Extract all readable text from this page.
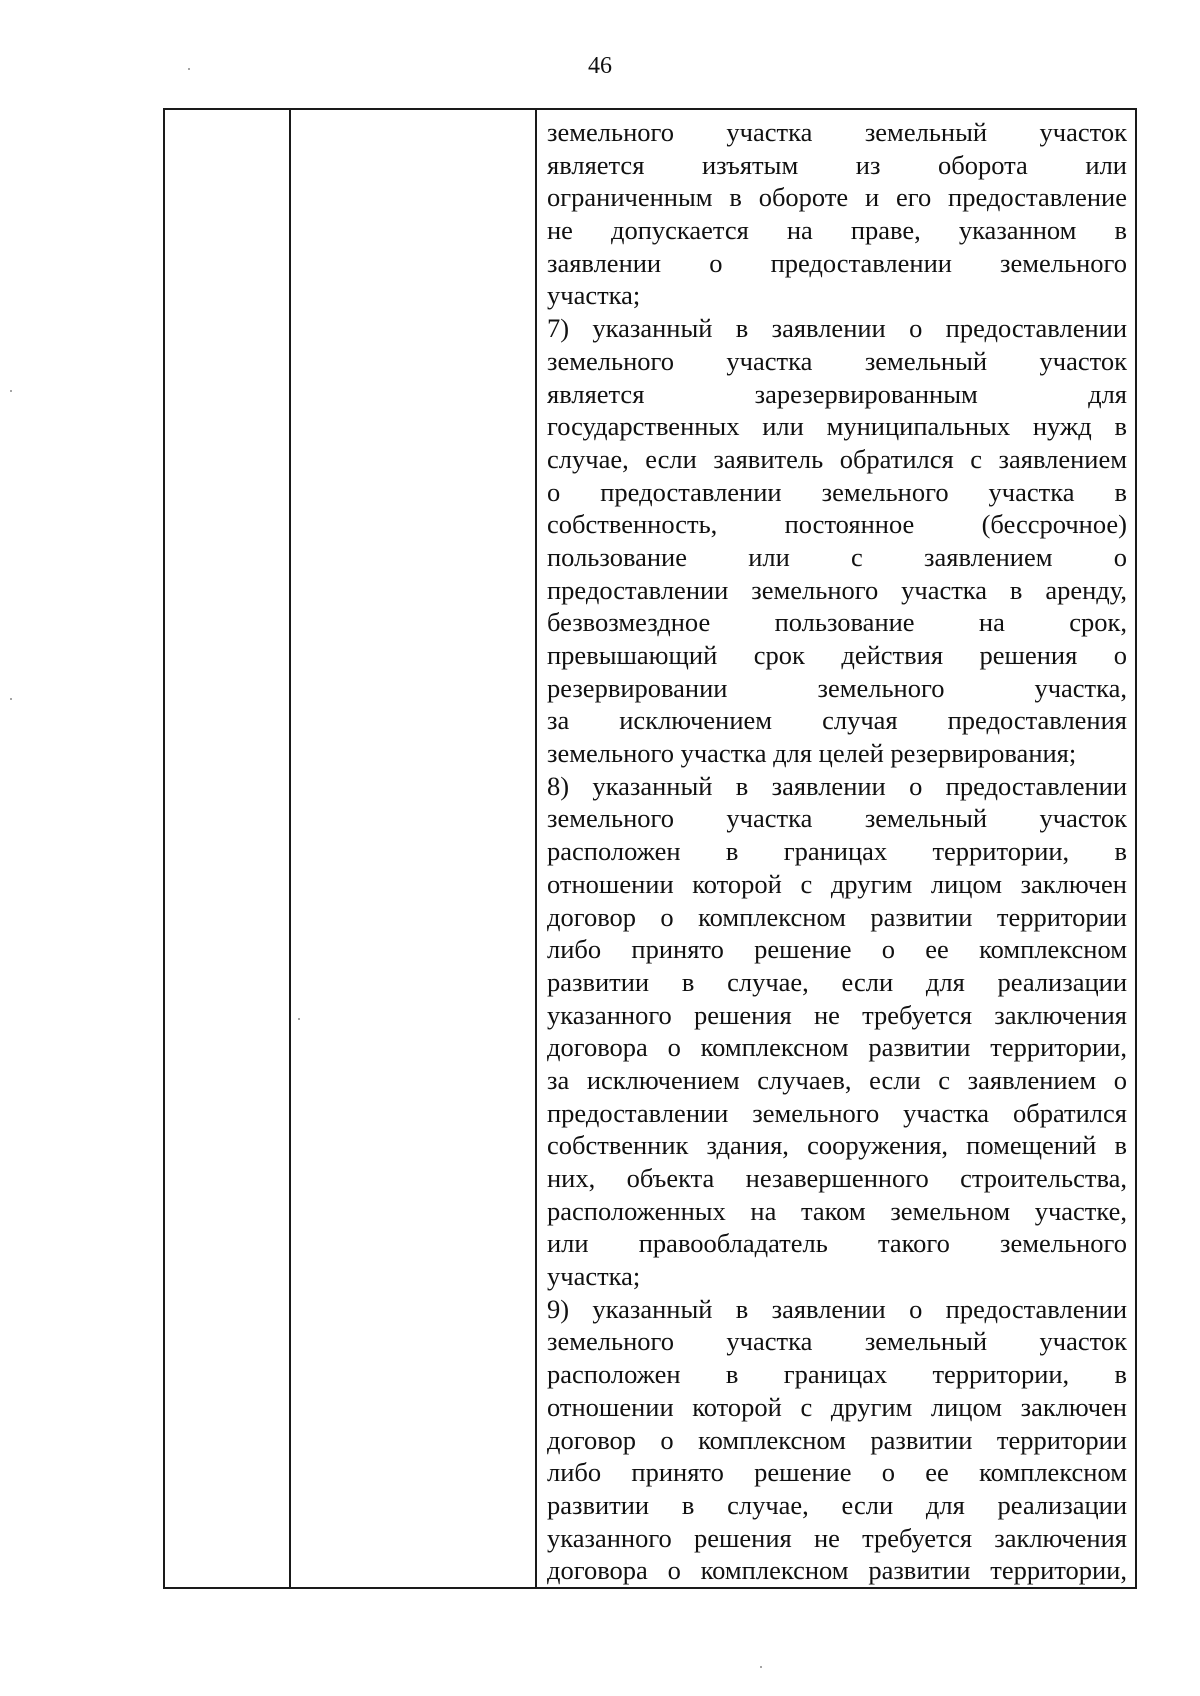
46

земельного участка земельный участок
является изъятым из оборота или
ограниченным в обороте и его предоставление
не допускается на праве, указанном в
заявлении о предоставлении земельного
участка;
7) указанный в заявлении о предоставлении
земельного участка земельный участок
является зарезервированным для
государственных или муниципальных нужд в
случае, если заявитель обратился с заявлением
о предоставлении земельного участка в
собственность, постоянное (бессрочное)
пользование или с заявлением о
предоставлении земельного участка в аренду,
безвозмездное пользование на срок,
превышающий срок действия решения о
резервировании земельного участка,
за исключением случая предоставления
земельного участка для целей резервирования;
8) указанный в заявлении о предоставлении
земельного участка земельный участок
расположен в границах территории, в
отношении которой с другим лицом заключен
договор о комплексном развитии территории
либо принято решение о ее комплексном
развитии в случае, если для реализации
указанного решения не требуется заключения
договора о комплексном развитии территории,
за исключением случаев, если с заявлением о
предоставлении земельного участка обратился
собственник здания, сооружения, помещений в
них, объекта незавершенного строительства,
расположенных на таком земельном участке,
или правообладатель такого земельного
участка;
9) указанный в заявлении о предоставлении
земельного участка земельный участок
расположен в границах территории, в
отношении которой с другим лицом заключен
договор о комплексном развитии территории
либо принято решение о ее комплексном
развитии в случае, если для реализации
указанного решения не требуется заключения
договора о комплексном развитии территории,
